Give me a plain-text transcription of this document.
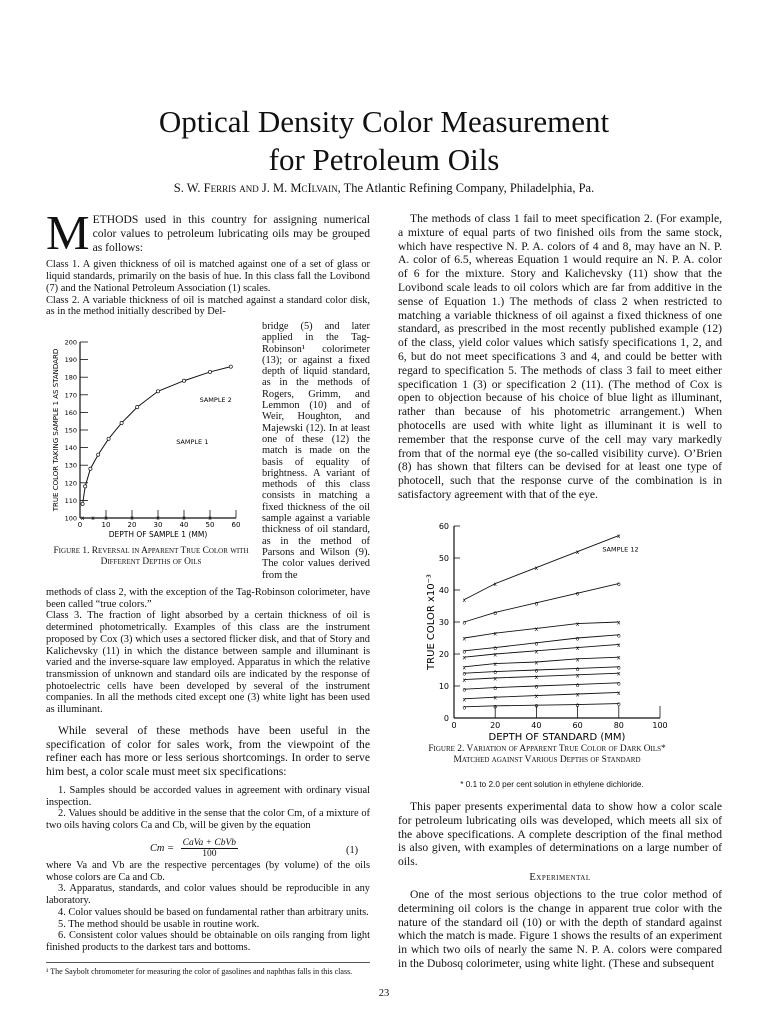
Optical Density Color Measurement
for Petroleum Oils
S. W. Ferris and J. M. McIlvain, The Atlantic Refining Company, Philadelphia, Pa.

METHODS used in this country for assigning numerical color values to petroleum lubricating oils may be grouped as follows:

Class 1. A given thickness of oil is matched against one of a set of glass or liquid standards, primarily on the basis of hue. In this class fall the Lovibond (7) and the National Petroleum Association (1) scales.

Class 2. A variable thickness of oil is matched against a standard color disk, as in the method initially described by Del-

100
110
120
130
140
150
160
170
180
190
200
0	10 20 30 40 50 60
DEPTH OF SAMPLE 1 (MM)
TRUE COLOR TAKING SAMPLE 1 AS STANDARD	SAMPLE 2
x x x	x	x	x	x
SAMPLE 1
Figure 1. Reversal in Apparent True Color with Different Depths of Oils
bridge (5) and later applied in the Tag-Robinson¹ colorimeter (13); or against a fixed depth of liquid standard, as in the methods of Rogers, Grimm, and Lemmon (10) and of Weir, Houghton, and Majewski (12). In at least one of these (12) the match is made on the basis of equality of brightness. A variant of methods of this class consists in matching a fixed thickness of the oil sample against a variable thickness of oil standard, as in the method of Parsons and Wilson (9). The color values derived from the

methods of class 2, with the exception of the Tag-Robinson colorimeter, have been called “true colors.”

Class 3. The fraction of light absorbed by a certain thickness of oil is determined photometrically. Examples of this class are the instrument proposed by Cox (3) which uses a sectored flicker disk, and that of Story and Kalichevsky (11) in which the distance between sample and illuminant is varied and the inverse-square law employed. Apparatus in which the relative transmission of unknown and standard oils are indicated by the response of photoelectric cells have been developed by several of the instrument companies. In all the methods cited except one (3) white light has been used as illuminant.

While several of these methods have been useful in the specification of color for sales work, from the viewpoint of the refiner each has more or less serious shortcomings. In order to serve him best, a color scale must meet six specifications:

1. Samples should be accorded values in agreement with ordinary visual inspection.

2. Values should be additive in the sense that the color Cm, of a mixture of two oils having colors Ca and Cb, will be given by the equation

Cm = CaVa + CbVb
100	(1)

where Va and Vb are the respective percentages (by volume) of the oils whose colors are Ca and Cb.

3. Apparatus, standards, and color values should be reproducible in any laboratory.

4. Color values should be based on fundamental rather than arbitrary units.

5. The method should be usable in routine work.

6. Consistent color values should be obtainable on oils ranging from light finished products to the darkest tars and bottoms.

¹ The Saybolt chromometer for measuring the color of gasolines and naphthas falls in this class.
The methods of class 1 fail to meet specification 2. (For example, a mixture of equal parts of two finished oils from the same stock, which have respective N. P. A. colors of 4 and 8, may have an N. P. A. color of 6.5, whereas Equation 1 would require an N. P. A. color of 6 for the mixture. Story and Kalichevsky (11) show that the Lovibond scale leads to oil colors which are far from additive in the sense of Equation 1.) The methods of class 2 when restricted to matching a variable thickness of oil against a fixed thickness of one standard, as prescribed in the most recently published example (12) of the class, yield color values which satisfy specifications 1, 2, and 6, but do not meet specifications 3 and 4, and could be better with regard to specification 5. The methods of class 3 fail to meet either specification 1 (3) or specification 2 (11). (The method of Cox is open to objection because of his choice of blue light as illuminant, rather than because of his photometric arrangement.) When photocells are used with white light as illuminant it is well to remember that the response curve of the cell may vary markedly from that of the normal eye (the so-called visibility curve). O’Brien (8) has shown that filters can be devised for at least one type of photocell, such that the response curve of the combination is in satisfactory agreement with that of the eye.
0
10
20
30
40
50
60
0	20	40	60	80	100
DEPTH OF STANDARD (MM)
TRUE COLOR x10⁻³	x
x
x
x
x
o
o
o
o
o
x
x
x
x	x
o	o
o
o	o
x	x	x	x	x
x	x	x	x	x
o	o	o	o	o
x	x	x	x	x
o	o	o	o	o
x	x	x	x	x
o	o	o	o	o
SAMPLE 12
Figure 2. Variation of Apparent True Color of Dark Oils* Matched against Various Depths of Standard
* 0.1 to 2.0 per cent solution in ethylene dichloride.
This paper presents experimental data to show how a color scale for petroleum lubricating oils was developed, which meets all six of the above specifications. A complete description of the final method is also given, with examples of determinations on a large number of oils.
Experimental
One of the most serious objections to the true color method of determining oil colors is the change in apparent true color with the nature of the standard oil (10) or with the depth of standard against which the match is made. Figure 1 shows the results of an experiment in which two oils of nearly the same N. P. A. colors were compared in the Dubosq colorimeter, using white light. (These and subsequent
23
